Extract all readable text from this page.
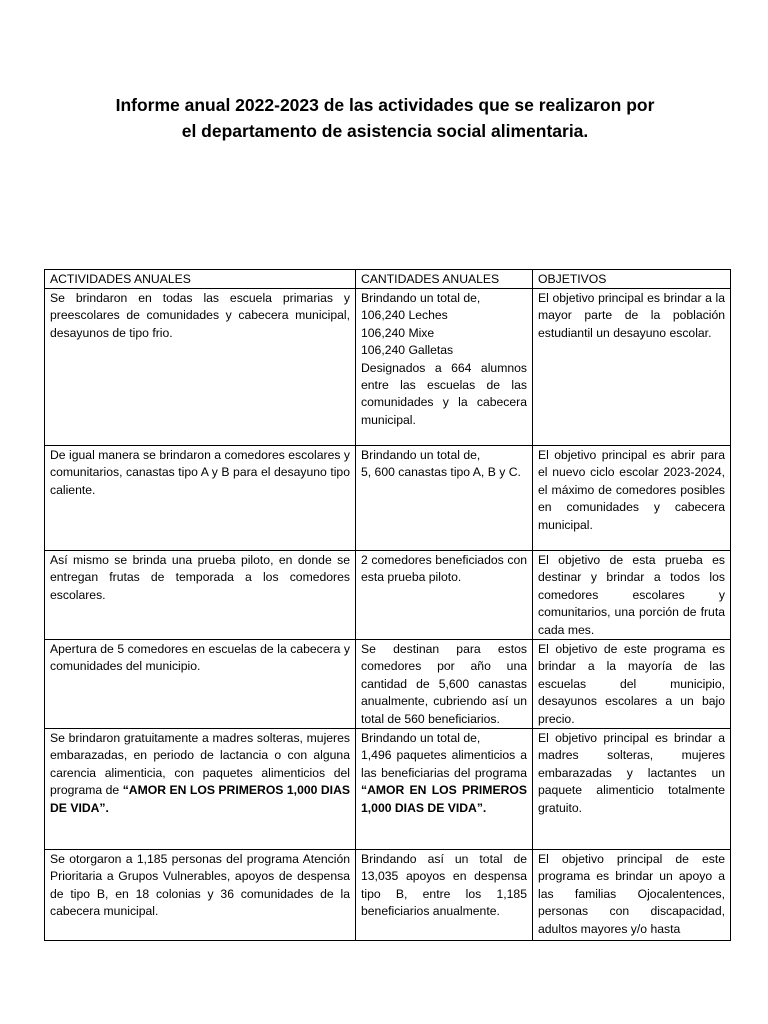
Informe anual 2022-2023 de las actividades que se realizaron por
el departamento de asistencia social alimentaria.
ACTIVIDADES ANUALES	CANTIDADES ANUALES	OBJETIVOS
Se brindaron en todas las escuela primarias y preescolares de comunidades y cabecera municipal, desayunos de tipo frio.	Brindando un total de,
106,240 Leches
106,240 Mixe
106,240 Galletas
Designados a 664 alumnos entre las escuelas de las comunidades y la cabecera municipal.	El objetivo principal es brindar a la mayor parte de la población estudiantil un desayuno escolar.
De igual manera se brindaron a comedores escolares y comunitarios, canastas tipo A y B para el desayuno tipo caliente.	Brindando un total de,
5, 600 canastas tipo A, B y C.	El objetivo principal es abrir para el nuevo ciclo escolar 2023-2024, el máximo de comedores posibles en comunidades y cabecera municipal.
Así mismo se brinda una prueba piloto, en donde se entregan frutas de temporada a los comedores escolares.	2 comedores beneficiados con esta prueba piloto.	El objetivo de esta prueba es destinar y brindar a todos los comedores escolares y comunitarios, una porción de fruta cada mes.
Apertura de 5 comedores en escuelas de la cabecera y comunidades del municipio.	Se destinan para estos comedores por año una cantidad de 5,600 canastas anualmente, cubriendo así un total de 560 beneficiarios.	El objetivo de este programa es brindar a la mayoría de las escuelas del municipio, desayunos escolares a un bajo precio.
Se brindaron gratuitamente a madres solteras, mujeres embarazadas, en periodo de lactancia o con alguna carencia alimenticia, con paquetes alimenticios del programa de “AMOR EN LOS PRIMEROS 1,000 DIAS DE VIDA”.	Brindando un total de,
1,496 paquetes alimenticios a las beneficiarias del programa “AMOR EN LOS PRIMEROS 1,000 DIAS DE VIDA”.	El objetivo principal es brindar a madres solteras, mujeres embarazadas y lactantes un paquete alimenticio totalmente gratuito.
Se otorgaron a 1,185 personas del programa Atención Prioritaria a Grupos Vulnerables, apoyos de despensa de tipo B, en 18 colonias y 36 comunidades de la cabecera municipal.	Brindando así un total de 13,035 apoyos en despensa tipo B, entre los 1,185 beneficiarios anualmente.	El objetivo principal de este programa es brindar un apoyo a las familias Ojocalentences, personas con discapacidad, adultos mayores y/o hasta
